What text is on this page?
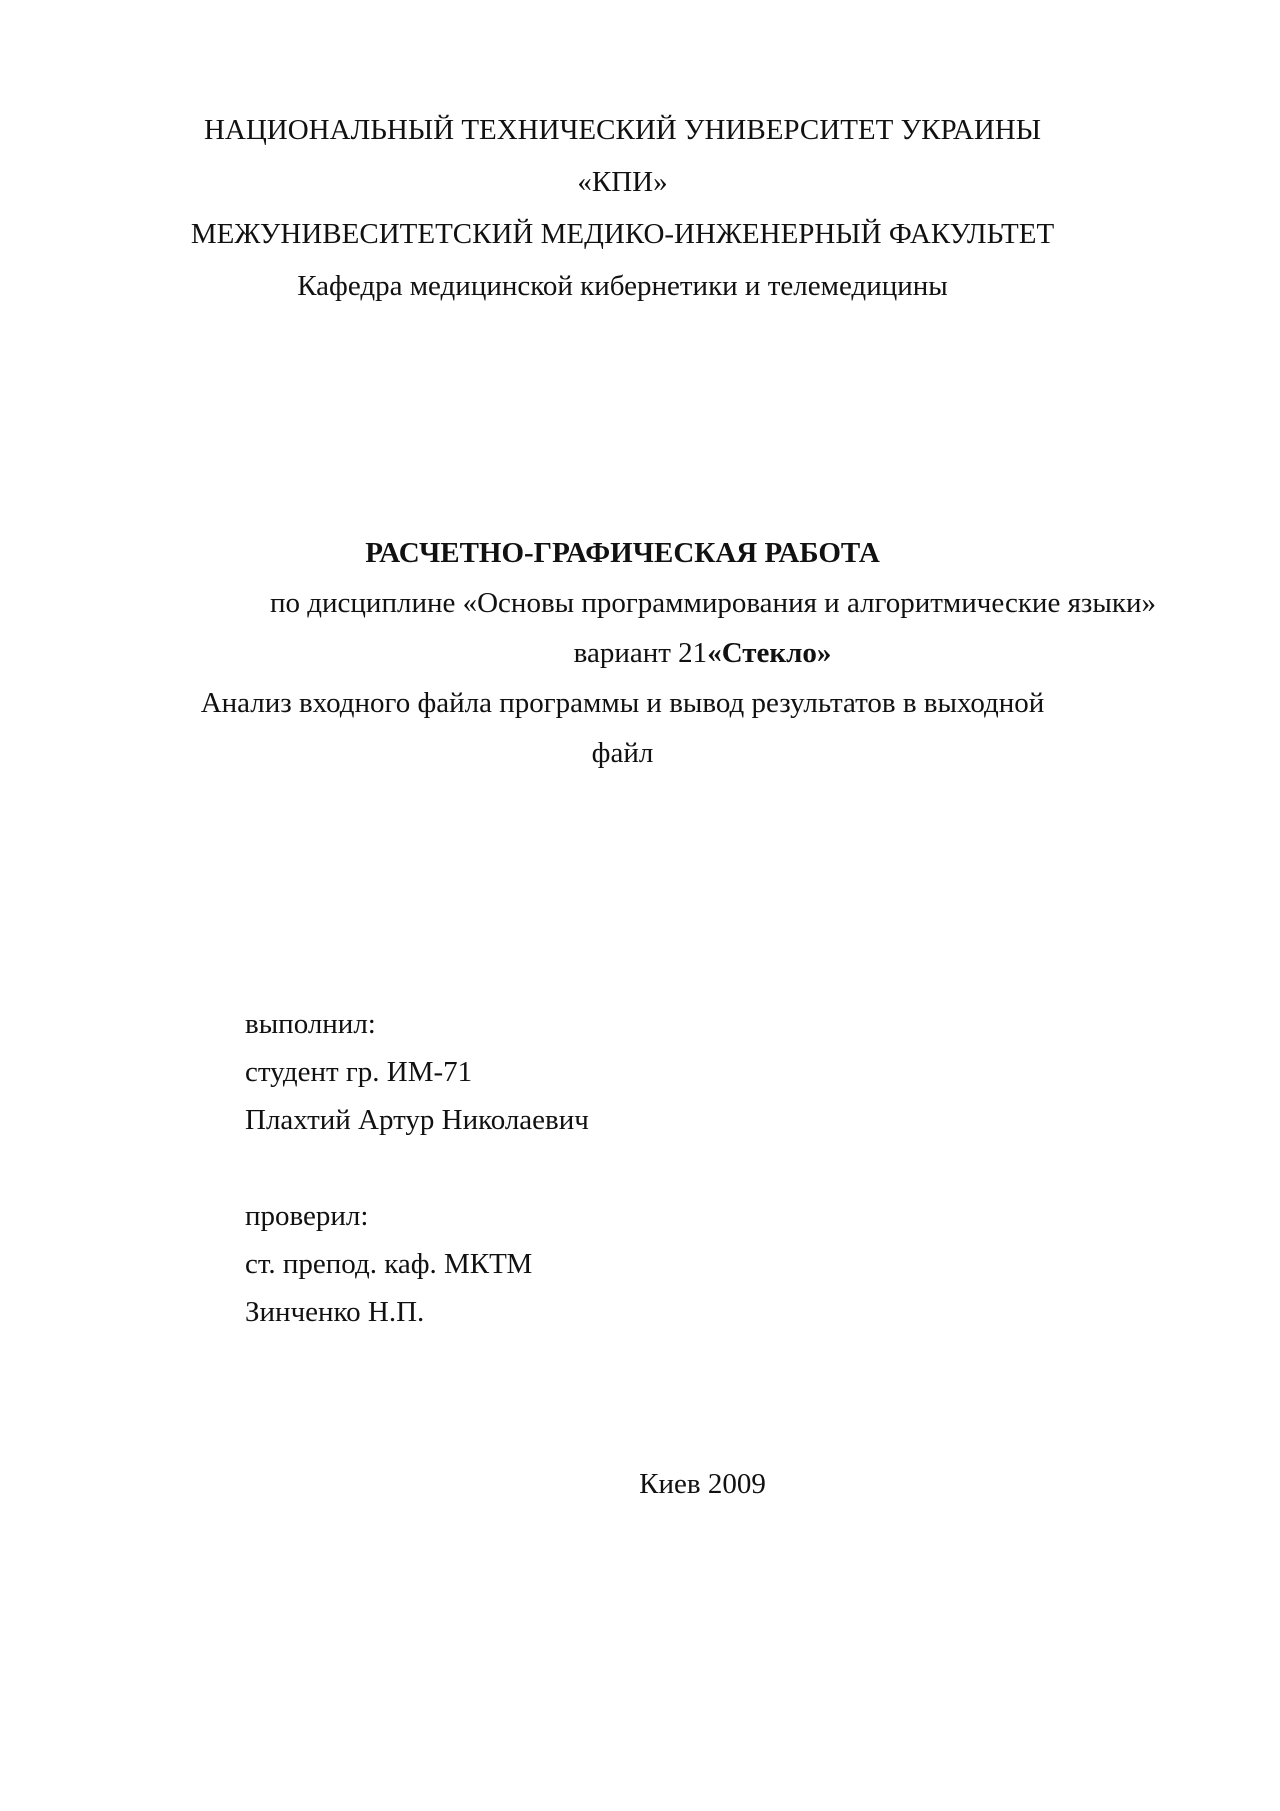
НАЦИОНАЛЬНЫЙ ТЕХНИЧЕСКИЙ УНИВЕРСИТЕТ УКРАИНЫ
«КПИ»
МЕЖУНИВЕСИТЕТСКИЙ МЕДИКО-ИНЖЕНЕРНЫЙ ФАКУЛЬТЕТ
Кафедра медицинской кибернетики и телемедицины
РАСЧЕТНО-ГРАФИЧЕСКАЯ РАБОТА
по дисциплине «Основы программирования и алгоритмические языки»
вариант 21«Стекло»
Анализ входного файла программы и вывод результатов в выходной
файл
выполнил:
студент гр. ИМ-71
Плахтий Артур Николаевич
проверил:
ст. препод. каф. МКТМ
Зинченко Н.П.
Киев 2009
